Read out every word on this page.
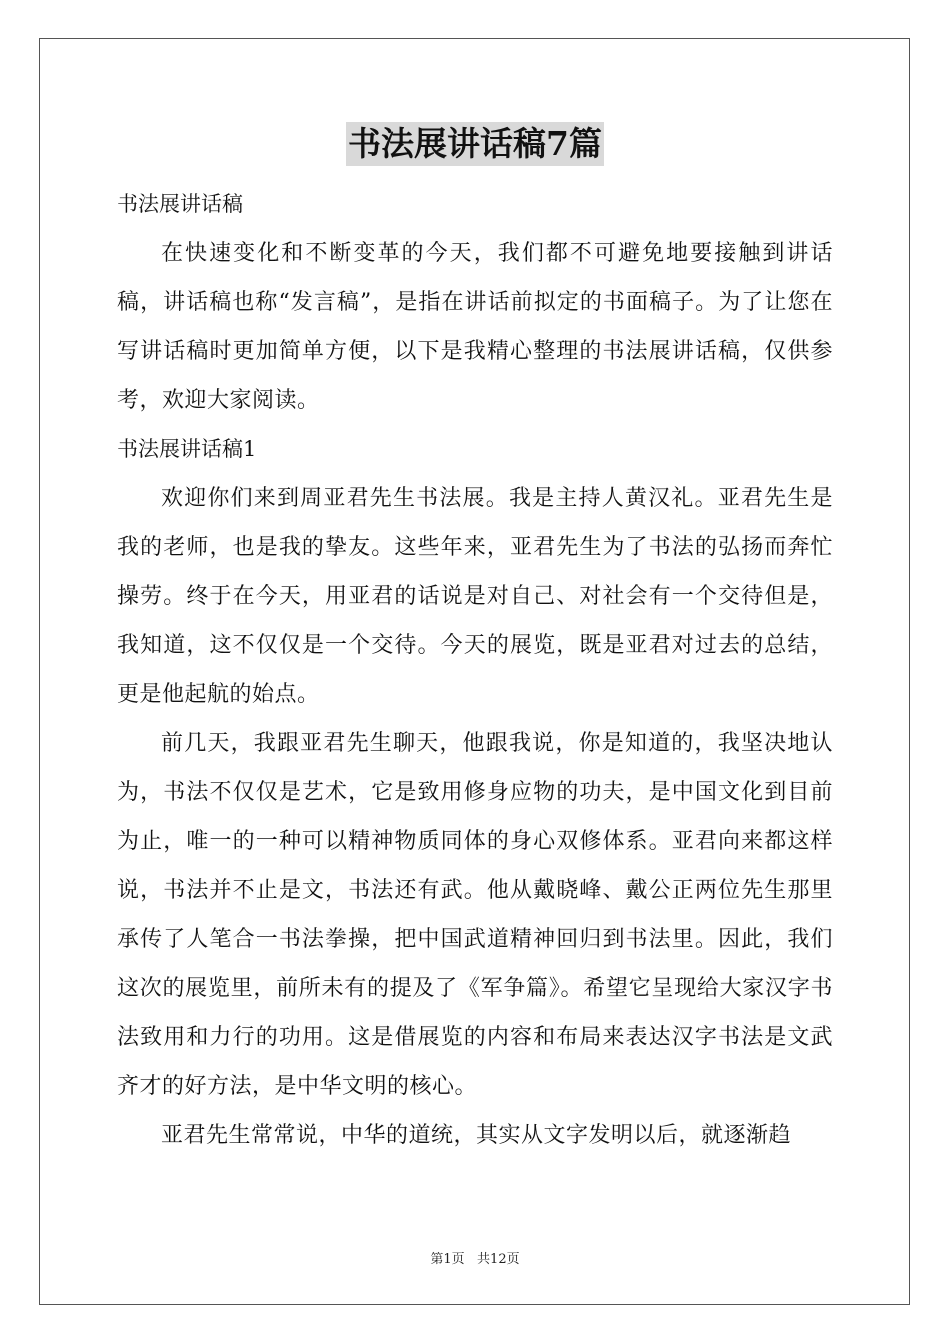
书法展讲话稿7篇

书法展讲话稿

在快速变化和不断变革的今天，我们都不可避免地要接触到讲话稿，讲话稿也称“发言稿”，是指在讲话前拟定的书面稿子。为了让您在写讲话稿时更加简单方便，以下是我精心整理的书法展讲话稿，仅供参考，欢迎大家阅读。

书法展讲话稿1

欢迎你们来到周亚君先生书法展。我是主持人黄汉礼。亚君先生是我的老师，也是我的挚友。这些年来，亚君先生为了书法的弘扬而奔忙操劳。终于在今天，用亚君的话说是对自己、对社会有一个交待但是，我知道，这不仅仅是一个交待。今天的展览，既是亚君对过去的总结，更是他起航的始点。

前几天，我跟亚君先生聊天，他跟我说，你是知道的，我坚决地认为，书法不仅仅是艺术，它是致用修身应物的功夫，是中国文化到目前为止，唯一的一种可以精神物质同体的身心双修体系。亚君向来都这样说，书法并不止是文，书法还有武。他从戴晓峰、戴公正两位先生那里承传了人笔合一书法拳操，把中国武道精神回归到书法里。因此，我们这次的展览里，前所未有的提及了《军争篇》。希望它呈现给大家汉字书法致用和力行的功用。这是借展览的内容和布局来表达汉字书法是文武齐才的好方法，是中华文明的核心。

亚君先生常常说，中华的道统，其实从文字发明以后，就逐渐趋

第1页   共12页
